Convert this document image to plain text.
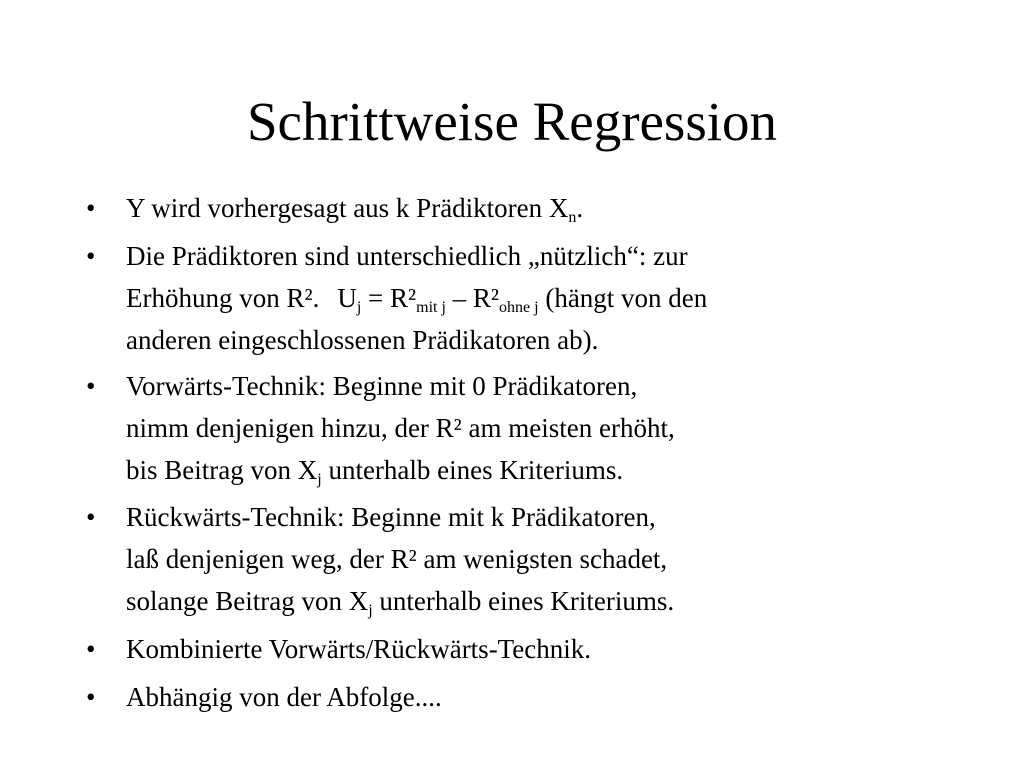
Schrittweise Regression
• Y wird vorhergesagt aus k Prädiktoren $X_n$.
• Die Prädiktoren sind unterschiedlich „nützlich“: zur
Erhöhung von R². $U_j = R^2_{mit j} - R^2_{ohne j}$ (hängt von den
anderen eingeschlossenen Prädikatoren ab).
• Vorwärts-Technik: Beginne mit 0 Prädikatoren,
nimm denjenigen hinzu, der R² am meisten erhöht,
bis Beitrag von $X_j$ unterhalb eines Kriteriums.
• Rückwärts-Technik: Beginne mit k Prädikatoren,
laß denjenigen weg, der R² am wenigsten schadet,
solange Beitrag von $X_j$ unterhalb eines Kriteriums.
• Kombinierte Vorwärts/Rückwärts-Technik.
• Abhängig von der Abfolge....
